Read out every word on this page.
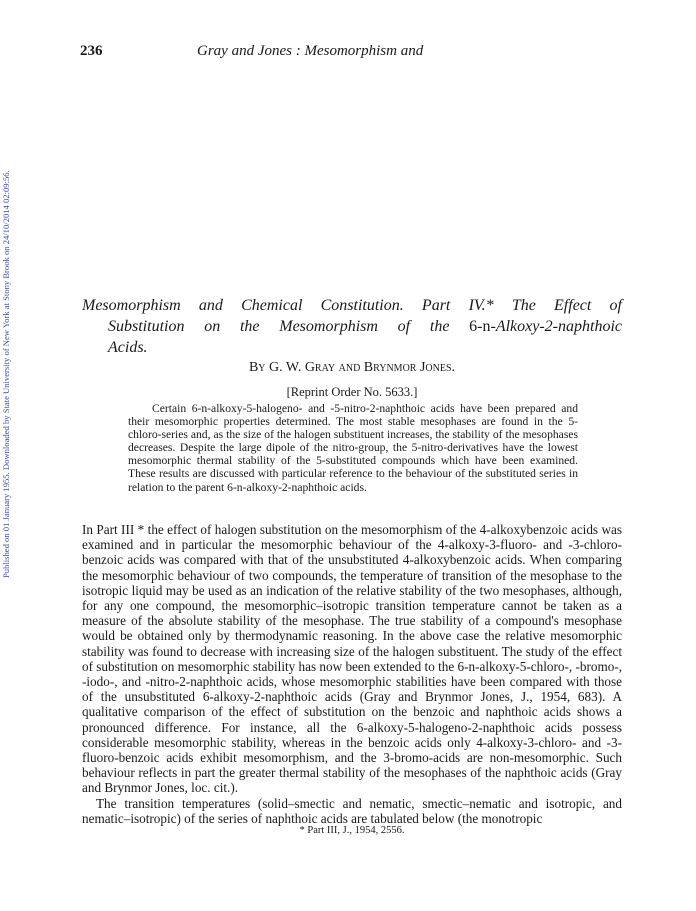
Published on 01 January 1955. Downloaded by State University of New York at Stony Brook on 24/10/2014 02:09:56.
236	Gray and Jones : Mesomorphism and
Mesomorphism and Chemical Constitution. Part IV.* The Effect of
Substitution on the Mesomorphism of the 6-n-Alkoxy-2-naphthoic
Acids.
By G. W. Gray and Brynmor Jones.
[Reprint Order No. 5633.]

Certain 6-n-alkoxy-5-halogeno- and -5-nitro-2-naphthoic acids have been prepared and their mesomorphic properties determined. The most stable mesophases are found in the 5-chloro-series and, as the size of the halogen substituent increases, the stability of the mesophases decreases. Despite the large dipole of the nitro-group, the 5-nitro-derivatives have the lowest mesomorphic thermal stability of the 5-substituted compounds which have been examined. These results are discussed with particular reference to the behaviour of the substituted series in relation to the parent 6-n-alkoxy-2-naphthoic acids.

In Part III * the effect of halogen substitution on the mesomorphism of the 4-alkoxybenzoic acids was examined and in particular the mesomorphic behaviour of the 4-alkoxy-3-fluoro- and -3-chloro-benzoic acids was compared with that of the unsubstituted 4-alkoxybenzoic acids. When comparing the mesomorphic behaviour of two compounds, the temperature of transition of the mesophase to the isotropic liquid may be used as an indication of the relative stability of the two mesophases, although, for any one compound, the mesomorphic–isotropic transition temperature cannot be taken as a measure of the absolute stability of the mesophase. The true stability of a compound's mesophase would be obtained only by thermodynamic reasoning. In the above case the relative mesomorphic stability was found to decrease with increasing size of the halogen substituent. The study of the effect of substitution on mesomorphic stability has now been extended to the 6-n-alkoxy-5-chloro-, -bromo-, -iodo-, and -nitro-2-naphthoic acids, whose mesomorphic stabilities have been compared with those of the unsubstituted 6-alkoxy-2-naphthoic acids (Gray and Brynmor Jones, J., 1954, 683). A qualitative comparison of the effect of substitution on the benzoic and naphthoic acids shows a pronounced difference. For instance, all the 6-alkoxy-5-halogeno-2-naphthoic acids possess considerable mesomorphic stability, whereas in the benzoic acids only 4-alkoxy-3-chloro- and -3-fluoro-benzoic acids exhibit mesomorphism, and the 3-bromo-acids are non-mesomorphic. Such behaviour reflects in part the greater thermal stability of the mesophases of the naphthoic acids (Gray and Brynmor Jones, loc. cit.).

The transition temperatures (solid–smectic and nematic, smectic–nematic and isotropic, and nematic–isotropic) of the series of naphthoic acids are tabulated below (the monotropic

* Part III, J., 1954, 2556.
